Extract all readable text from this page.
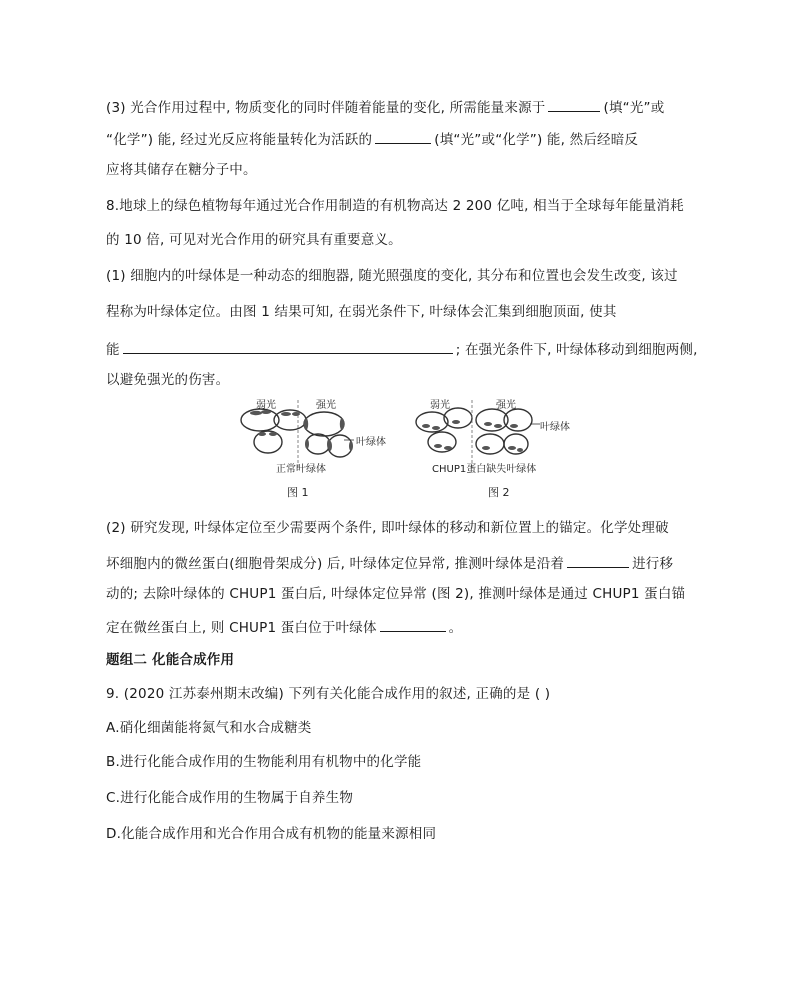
(3) 光合作用过程中, 物质变化的同时伴随着能量的变化, 所需能量来源于	(填“光”或
“化学”) 能, 经过光反应将能量转化为活跃的	(填“光”或“化学”) 能, 然后经暗反
应将其储存在糖分子中。
8.地球上的绿色植物每年通过光合作用制造的有机物高达 2 200 亿吨, 相当于全球每年能量消耗
的 10 倍, 可见对光合作用的研究具有重要意义。
(1) 细胞内的叶绿体是一种动态的细胞器, 随光照强度的变化, 其分布和位置也会发生改变, 该过
程称为叶绿体定位。由图 1 结果可知, 在弱光条件下, 叶绿体会汇集到细胞顶面, 使其
能	; 在强光条件下, 叶绿体移动到细胞两侧,
以避免强光的伤害。
弱光	强光
叶绿体
正常叶绿体
图 1
弱光	强光
叶绿体
CHUP1蛋白缺失叶绿体
图 2
(2) 研究发现, 叶绿体定位至少需要两个条件, 即叶绿体的移动和新位置上的锚定。化学处理破
坏细胞内的微丝蛋白(细胞骨架成分) 后, 叶绿体定位异常, 推测叶绿体是沿着	进行移
动的; 去除叶绿体的 CHUP1 蛋白后, 叶绿体定位异常 (图 2), 推测叶绿体是通过 CHUP1 蛋白锚
定在微丝蛋白上, 则 CHUP1 蛋白位于叶绿体	。
题组二 化能合成作用
9. (2020 江苏泰州期末改编) 下列有关化能合成作用的叙述, 正确的是 ( )
A.硝化细菌能将氮气和水合成糖类
B.进行化能合成作用的生物能利用有机物中的化学能
C.进行化能合成作用的生物属于自养生物
D.化能合成作用和光合作用合成有机物的能量来源相同
